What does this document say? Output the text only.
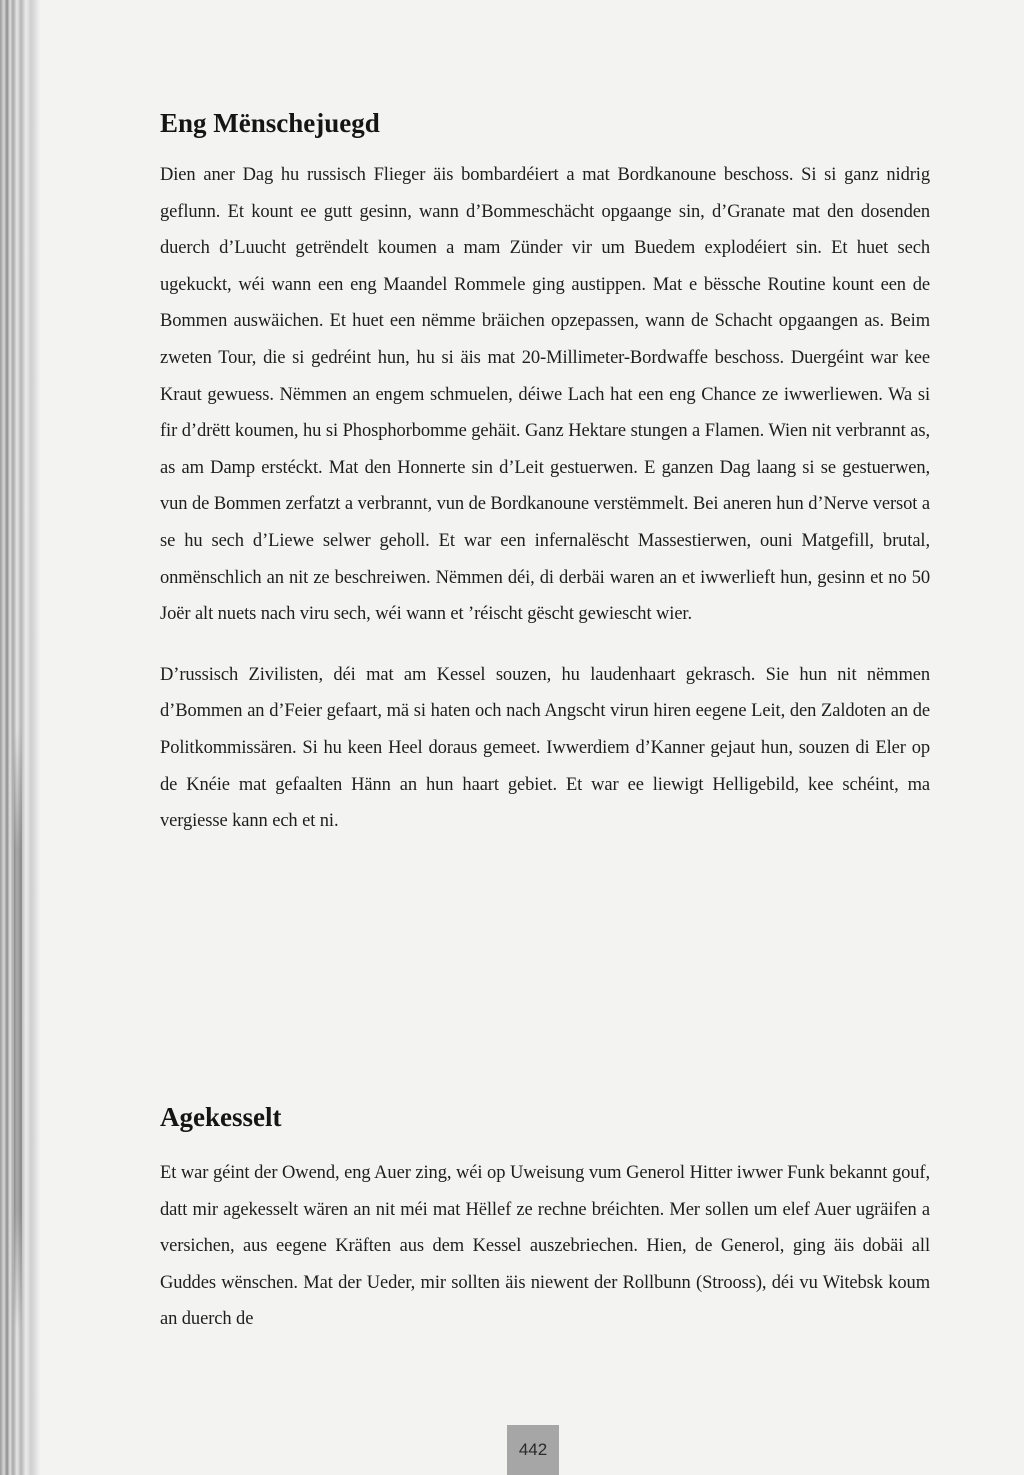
Eng Mënschejuegd

Dien aner Dag hu russisch Flieger äis bombardéiert a mat Bordkanoune beschoss. Si si ganz nidrig geflunn. Et kount ee gutt gesinn, wann d’Bommeschächt opgaange sin, d’Granate mat den dosenden duerch d’Luucht getrëndelt koumen a mam Zünder vir um Buedem explodéiert sin. Et huet sech ugekuckt, wéi wann een eng Maandel Rommele ging austippen. Mat e bëssche Routine kount een de Bommen auswäichen. Et huet een nëmme bräichen opzepassen, wann de Schacht opgaangen as. Beim zweten Tour, die si gedréint hun, hu si äis mat 20-Millimeter-Bordwaffe beschoss. Duergéint war kee Kraut gewuess. Nëmmen an engem schmuelen, déiwe Lach hat een eng Chance ze iwwerliewen. Wa si fir d’drëtt koumen, hu si Phosphorbomme gehäit. Ganz Hektare stungen a Flamen. Wien nit verbrannt as, as am Damp erstéckt. Mat den Honnerte sin d’Leit gestuerwen. E ganzen Dag laang si se gestuerwen, vun de Bommen zerfatzt a verbrannt, vun de Bordkanoune verstëmmelt. Bei aneren hun d’Nerve versot a se hu sech d’Liewe selwer geholl. Et war een infernalëscht Massestierwen, ouni Matgefill, brutal, onmënschlich an nit ze beschreiwen. Nëmmen déi, di derbäi waren an et iwwerlieft hun, gesinn et no 50 Joër alt nuets nach viru sech, wéi wann et ’réischt gëscht gewiescht wier.

D’russisch Zivilisten, déi mat am Kessel souzen, hu laudenhaart gekrasch. Sie hun nit nëmmen d’Bommen an d’Feier gefaart, mä si haten och nach Angscht virun hiren eegene Leit, den Zaldoten an de Politkommissären. Si hu keen Heel doraus gemeet. Iwwerdiem d’Kanner gejaut hun, souzen di Eler op de Knéie mat gefaalten Hänn an hun haart gebiet. Et war ee liewigt Helligebild, kee schéint, ma vergiesse kann ech et ni.

Agekesselt

Et war géint der Owend, eng Auer zing, wéi op Uweisung vum Generol Hitter iwwer Funk bekannt gouf, datt mir agekesselt wären an nit méi mat Hëllef ze rechne bréichten. Mer sollen um elef Auer ugräifen a versichen, aus eegene Kräften aus dem Kessel auszebriechen. Hien, de Generol, ging äis dobäi all Guddes wënschen. Mat der Ueder, mir sollten äis niewent der Rollbunn (Strooss), déi vu Witebsk koum an duerch de

442
